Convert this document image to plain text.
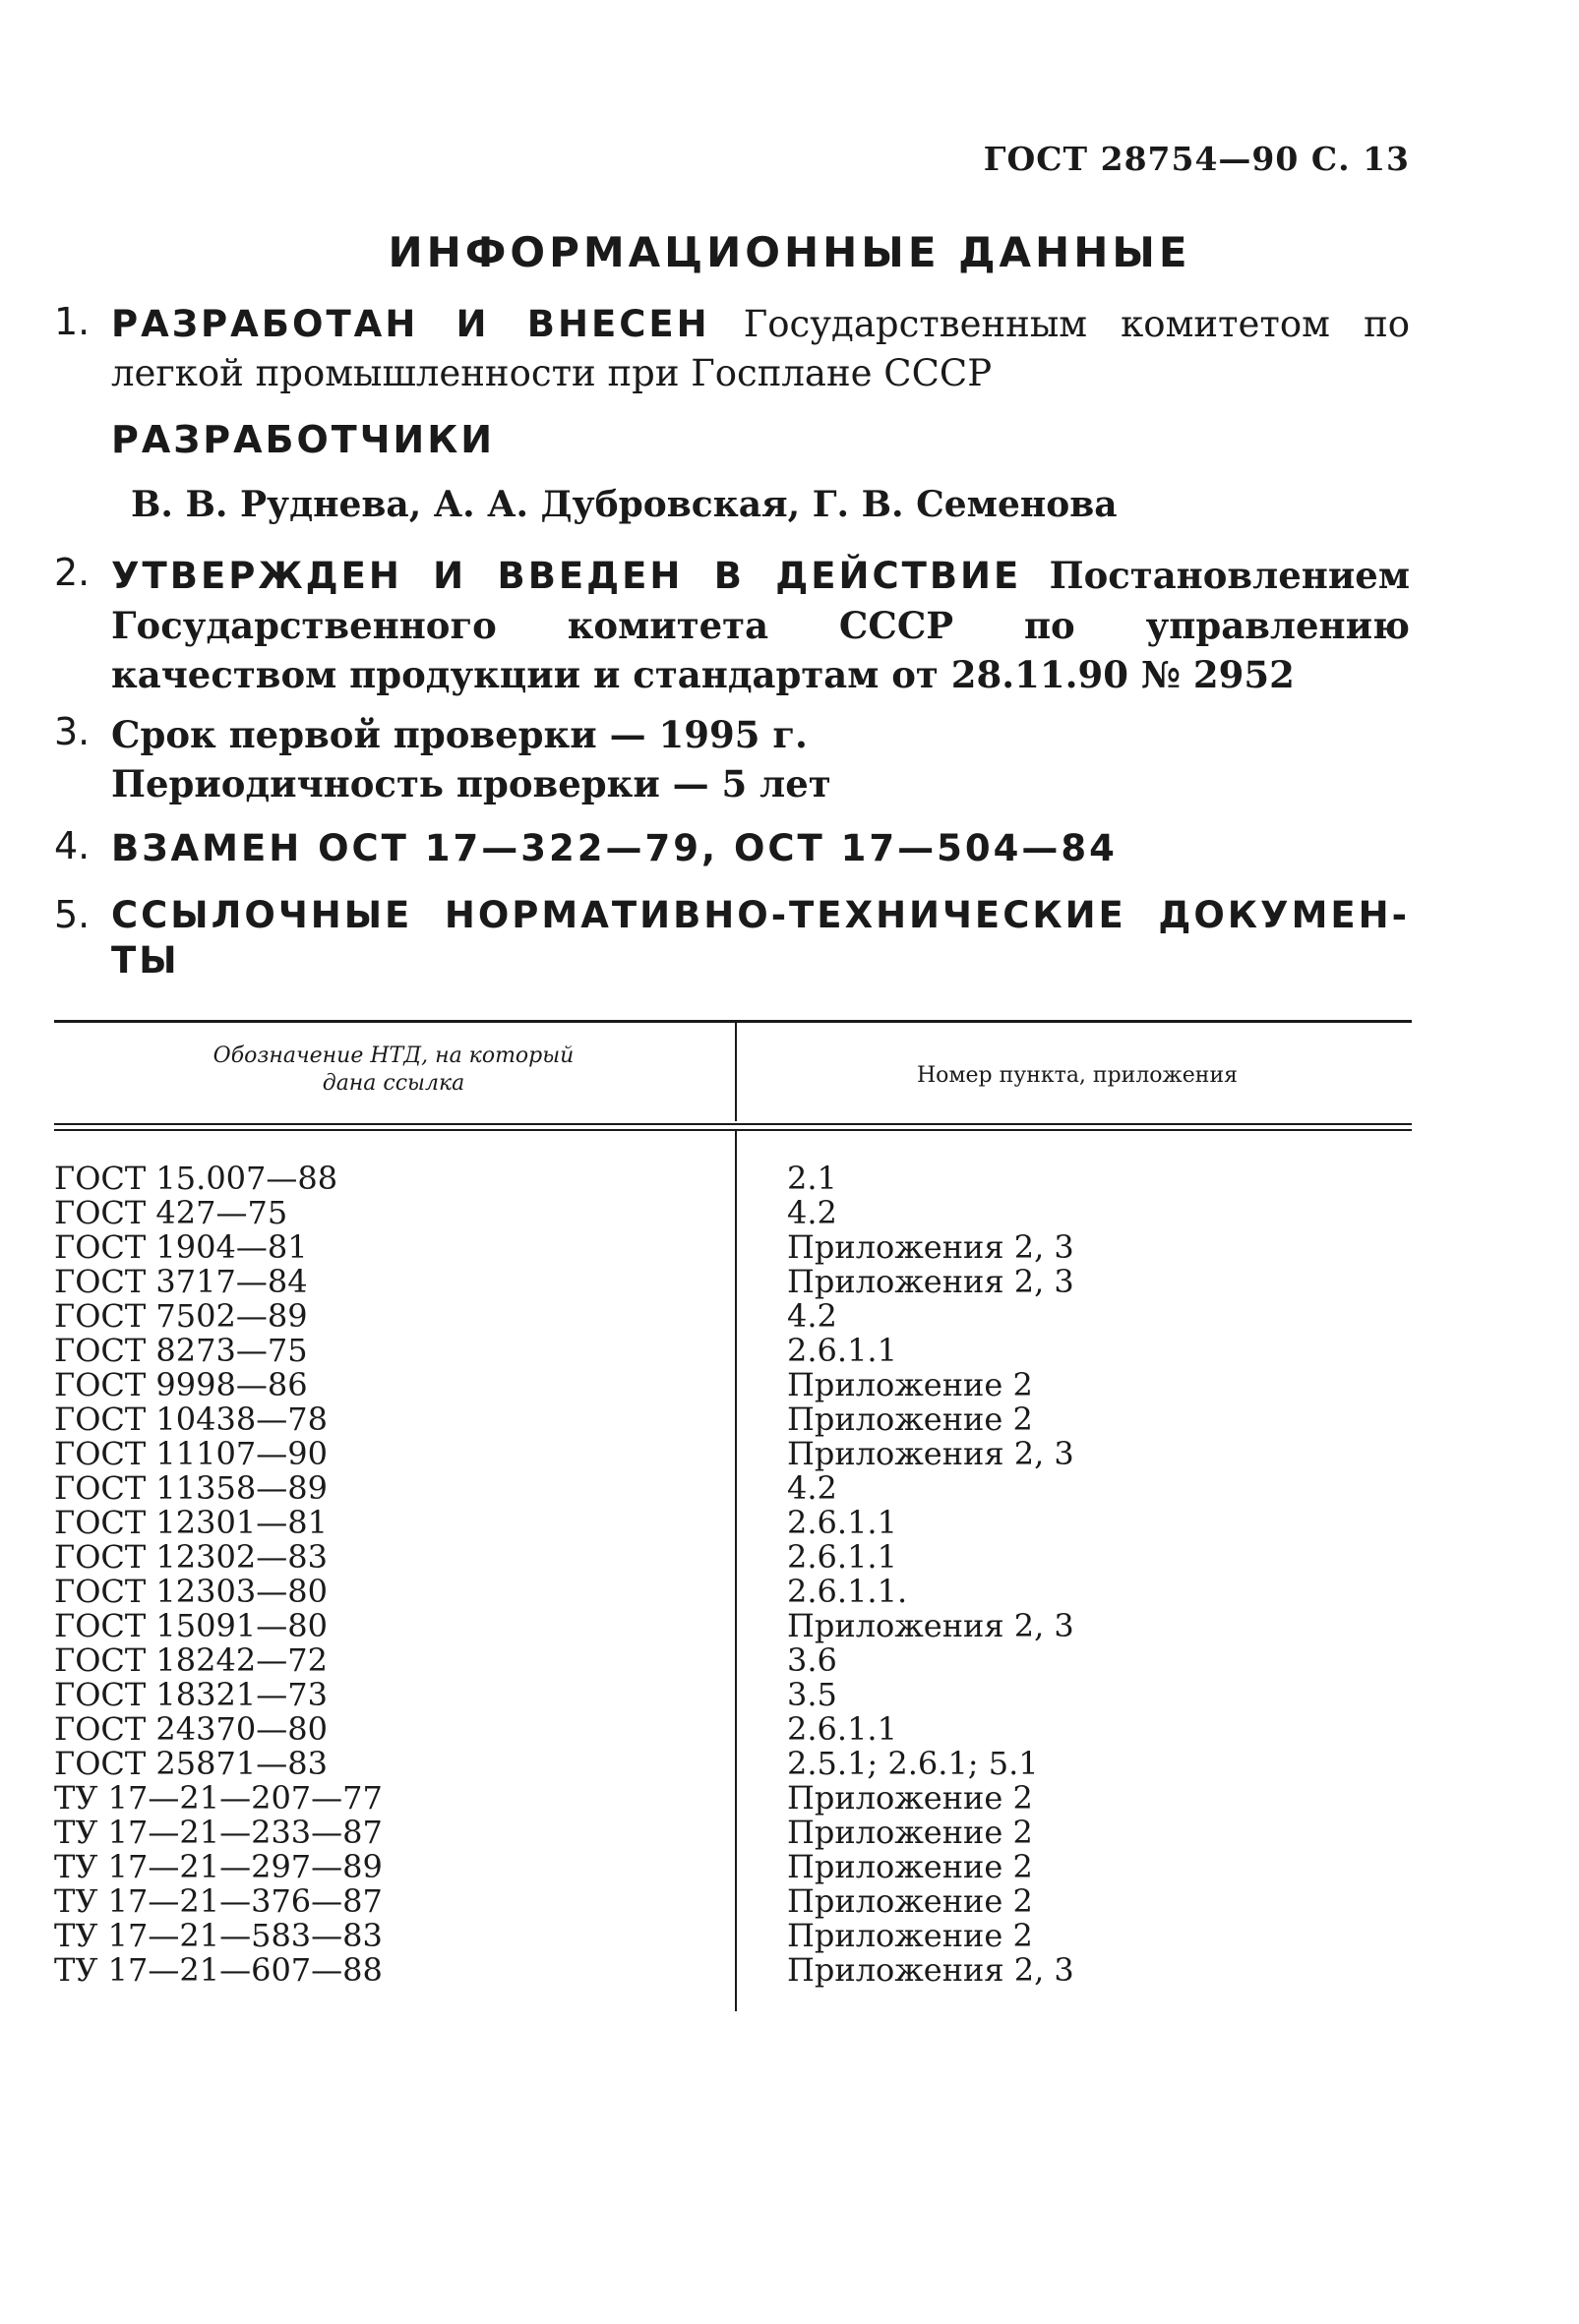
ГОСТ 28754—90 С. 13
ИНФОРМАЦИОННЫЕ ДАННЫЕ
1. РАЗРАБОТАН И ВНЕСЕН Государственным комитетом по легкой промышленности при Госплане СССР
РАЗРАБОТЧИКИ
В. В. Руднева, А. А. Дубровская, Г. В. Семенова
2. УТВЕРЖДЕН И ВВЕДЕН В ДЕЙСТВИЕ Постановлением Государственного комитета СССР по управлению качеством продукции и стандартам от 28.11.90 № 2952
3. Срок первой проверки — 1995 г.
Периодичность проверки — 5 лет
4. ВЗАМЕН ОСТ 17—322—79, ОСТ 17—504—84
5. ССЫЛОЧНЫЕ НОРМАТИВНО-ТЕХНИЧЕСКИЕ ДОКУМЕН-
ТЫ
Обозначение НТД, на который
дана ссылка	Номер пункта, приложения
ГОСТ 15.007—88
ГОСТ 427—75
ГОСТ 1904—81
ГОСТ 3717—84
ГОСТ 7502—89
ГОСТ 8273—75
ГОСТ 9998—86
ГОСТ 10438—78
ГОСТ 11107—90
ГОСТ 11358—89
ГОСТ 12301—81
ГОСТ 12302—83
ГОСТ 12303—80
ГОСТ 15091—80
ГОСТ 18242—72
ГОСТ 18321—73
ГОСТ 24370—80
ГОСТ 25871—83
ТУ 17—21—207—77
ТУ 17—21—233—87
ТУ 17—21—297—89
ТУ 17—21—376—87
ТУ 17—21—583—83
ТУ 17—21—607—88
2.1
4.2
Приложения 2, 3
Приложения 2, 3
4.2
2.6.1.1
Приложение 2
Приложение 2
Приложения 2, 3
4.2
2.6.1.1
2.6.1.1
2.6.1.1.
Приложения 2, 3
3.6
3.5
2.6.1.1
2.5.1; 2.6.1; 5.1
Приложение 2
Приложение 2
Приложение 2
Приложение 2
Приложение 2
Приложения 2, 3
